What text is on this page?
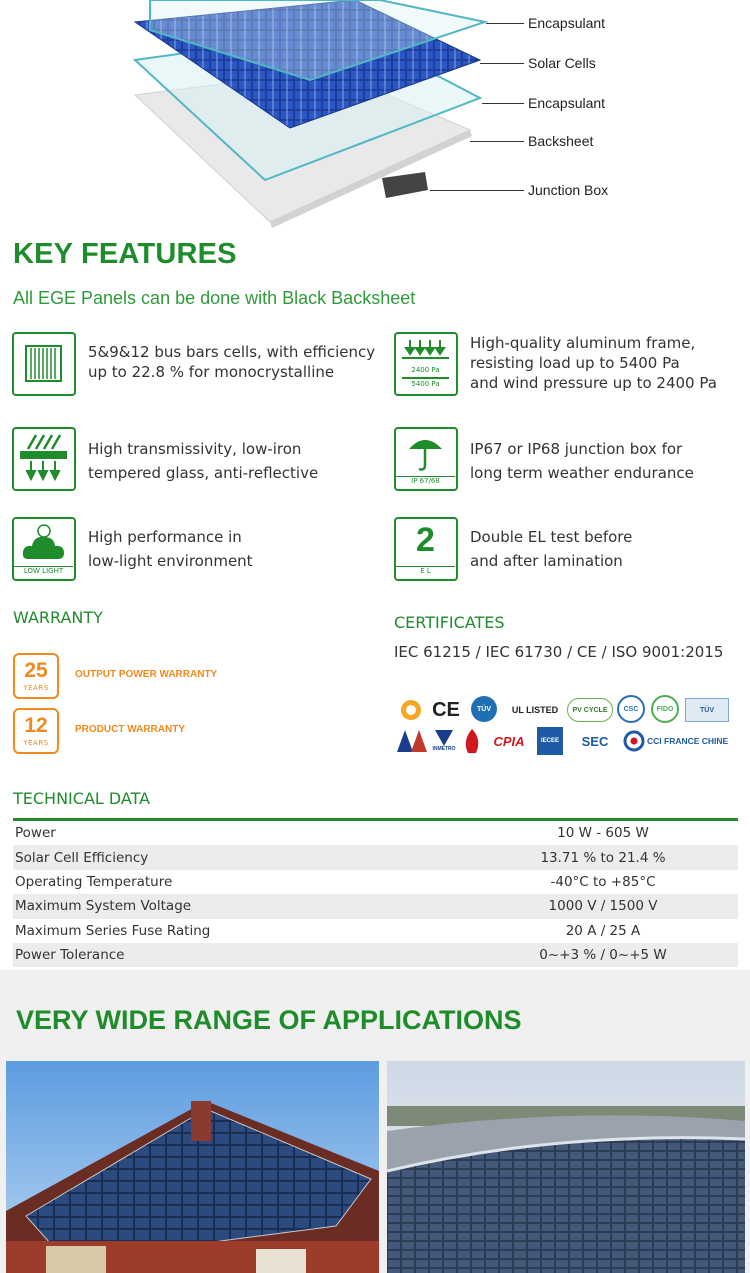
Encapsulant
Solar Cells
Encapsulant
Backsheet
Junction Box
KEY FEATURES
All EGE Panels can be done with Black Backsheet
5&9&12 bus bars cells, with efficiency
up to 22.8 % for monocrystalline	2400 Pa
5400 Pa
High-quality aluminum frame,
resisting load up to 5400 Pa
and wind pressure up to 2400 Pa
High transmissivity, low-iron
tempered glass, anti-reflective	IP 67/68
IP67 or IP68 junction box for
long term weather endurance
LOW LIGHT
High performance in
low-light environment
2
E L
Double EL test before
and after lamination
WARRANTY
25
YEARS
OUTPUT POWER WARRANTY
12
YEARS
PRODUCT WARRANTY
CERTIFICATES
IEC 61215 / IEC 61730 / CE / ISO 9001:2015
CE	TÜV	UL LISTED	PV CYCLE	CSC	FIDO	TÜV
INMETRO
CPIA	IECEE	SEC	CCI FRANCE CHINE
TECHNICAL DATA
Power	10 W - 605 W
Solar Cell Efficiency	13.71 % to 21.4 %
Operating Temperature	-40°C to +85°C
Maximum System Voltage	1000 V / 1500 V
Maximum Series Fuse Rating	20 A / 25 A
Power Tolerance	0~+3 % / 0~+5 W
VERY WIDE RANGE OF APPLICATIONS
